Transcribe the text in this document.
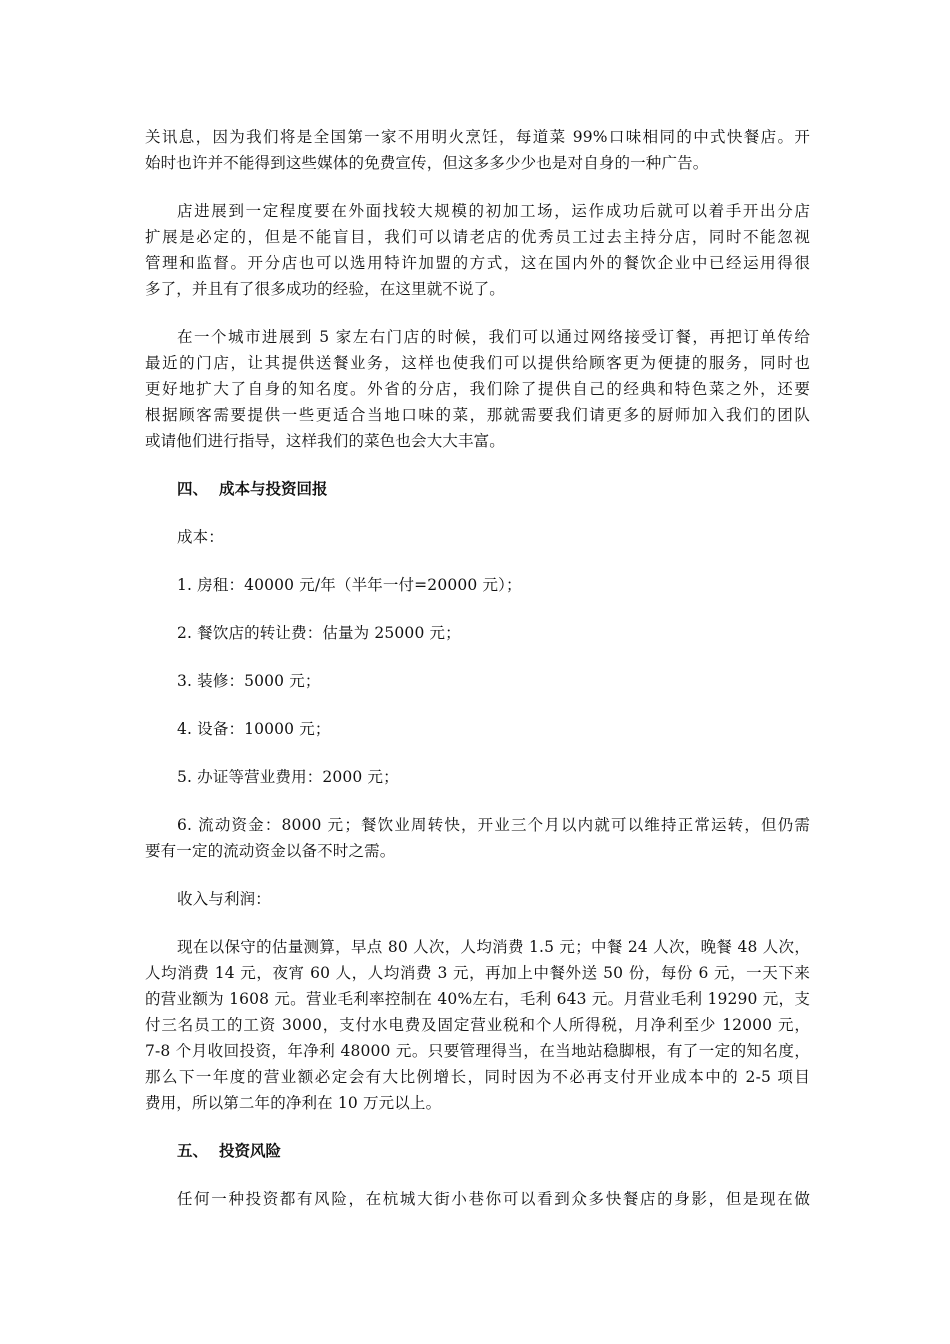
关讯息，因为我们将是全国第一家不用明火烹饪，每道菜 99%口味相同的中式快餐店。开

始时也许并不能得到这些媒体的免费宣传，但这多多少少也是对自身的一种广告。

店进展到一定程度要在外面找较大规模的初加工场，运作成功后就可以着手开出分店

扩展是必定的，但是不能盲目，我们可以请老店的优秀员工过去主持分店，同时不能忽视

管理和监督。开分店也可以选用特许加盟的方式，这在国内外的餐饮企业中已经运用得很

多了，并且有了很多成功的经验，在这里就不说了。

在一个城市进展到 5 家左右门店的时候，我们可以通过网络接受订餐，再把订单传给

最近的门店，让其提供送餐业务，这样也使我们可以提供给顾客更为便捷的服务，同时也

更好地扩大了自身的知名度。外省的分店，我们除了提供自己的经典和特色菜之外，还要

根据顾客需要提供一些更适合当地口味的菜，那就需要我们请更多的厨师加入我们的团队

或请他们进行指导，这样我们的菜色也会大大丰富。

四、 成本与投资回报

成本：

1. 房租：40000 元/年（半年一付=20000 元）；

2. 餐饮店的转让费：估量为 25000 元；

3. 装修：5000 元；

4. 设备：10000 元；

5. 办证等营业费用：2000 元；

6. 流动资金：8000 元；餐饮业周转快，开业三个月以内就可以维持正常运转，但仍需

要有一定的流动资金以备不时之需。

收入与利润：

现在以保守的估量测算，早点 80 人次，人均消费 1.5 元；中餐 24 人次，晚餐 48 人次，

人均消费 14 元，夜宵 60 人，人均消费 3 元，再加上中餐外送 50 份，每份 6 元，一天下来

的营业额为 1608 元。营业毛利率控制在 40%左右，毛利 643 元。月营业毛利 19290 元，支

付三名员工的工资 3000，支付水电费及固定营业税和个人所得税，月净利至少 12000 元，

7-8 个月收回投资，年净利 48000 元。只要管理得当，在当地站稳脚根，有了一定的知名度，

那么下一年度的营业额必定会有大比例增长，同时因为不必再支付开业成本中的 2-5 项目

费用，所以第二年的净利在 10 万元以上。

五、 投资风险

任何一种投资都有风险，在杭城大街小巷你可以看到众多快餐店的身影，但是现在做
